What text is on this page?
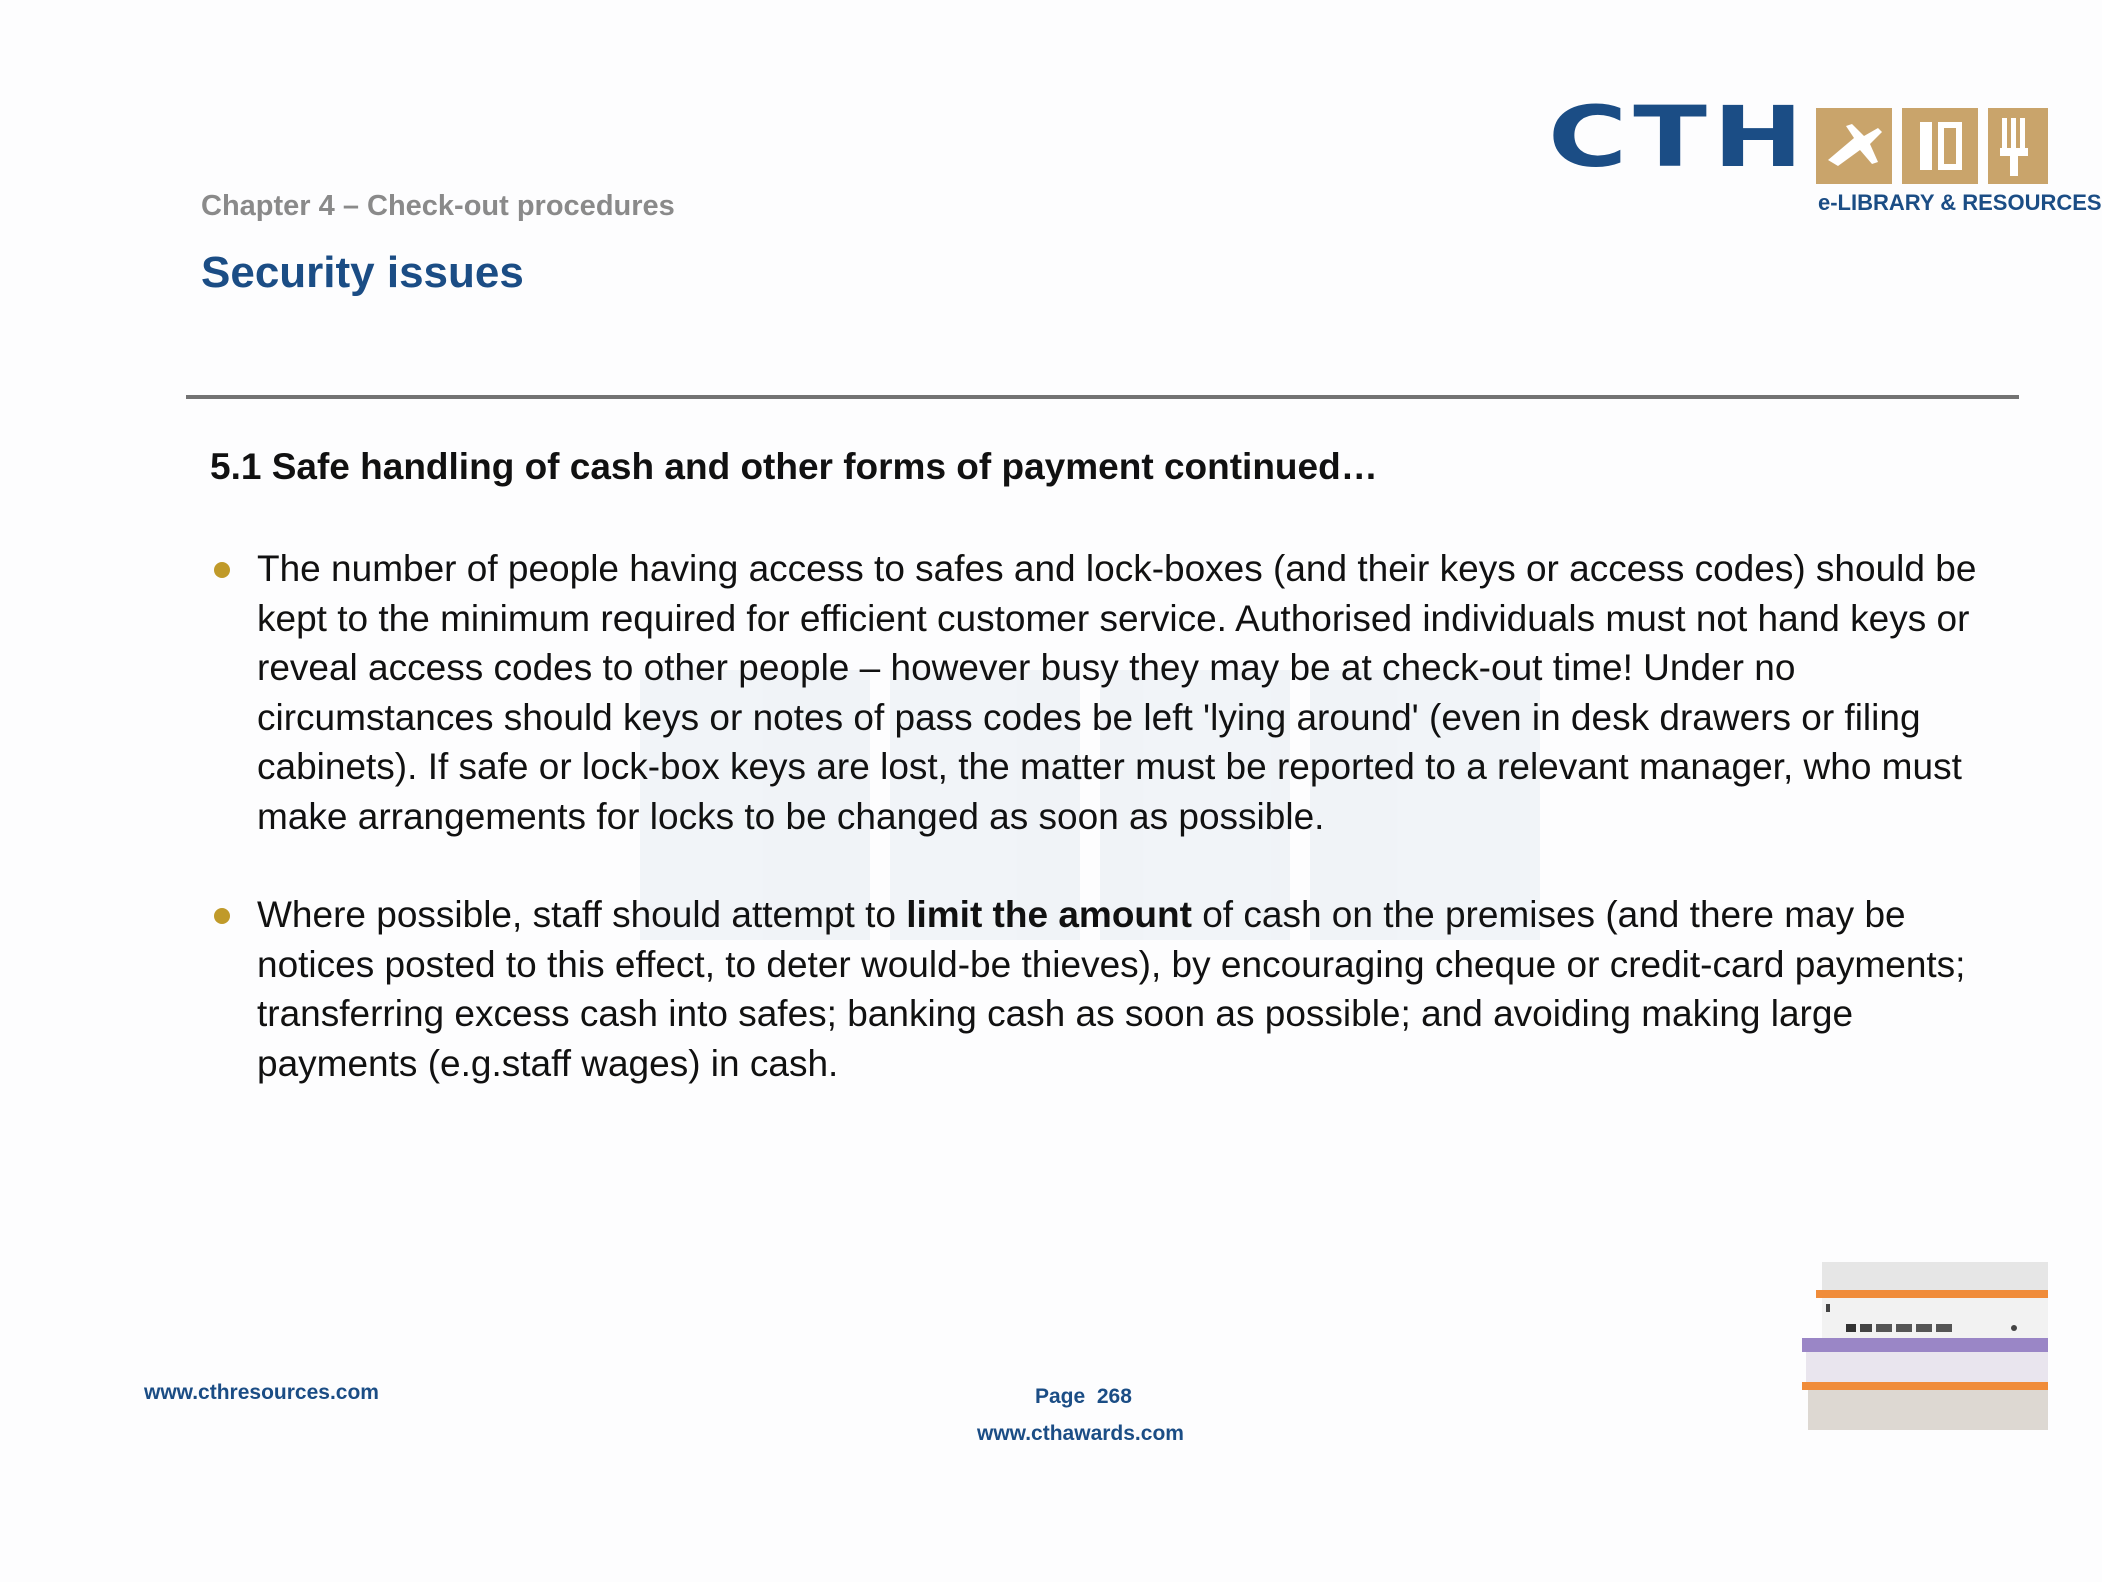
Chapter 4 – Check-out procedures
Security issues
CTH
e-LIBRARY & RESOURCES
5.1 Safe handling of cash and other forms of payment continued…
The number of people having access to safes and lock-boxes (and their keys or access codes) should be kept to the minimum required for efficient customer service. Authorised individuals must not hand keys or reveal access codes to other people – however busy they may be at check-out time! Under no circumstances should keys or notes of pass codes be left 'lying around' (even in desk drawers or filing cabinets). If safe or lock-box keys are lost, the matter must be reported to a relevant manager, who must make arrangements for locks to be changed as soon as possible.
Where possible, staff should attempt to limit the amount of cash on the premises (and there may be notices posted to this effect, to deter would-be thieves), by encouraging cheque or credit-card payments; transferring excess cash into safes; banking cash as soon as possible; and avoiding making large payments (e.g.staff wages) in cash.
www.cthresources.com	Page 268
www.cthawards.com
